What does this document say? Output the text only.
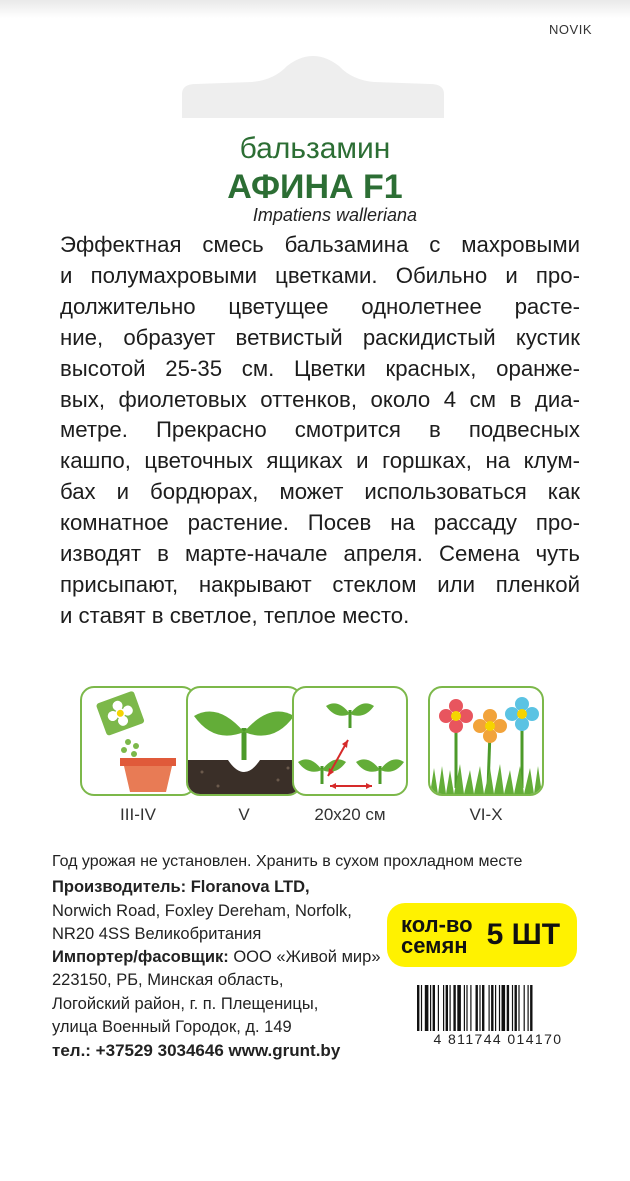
NOVIK
бальзамин
АФИНА F1
Impatiens walleriana
Эффектная смесь бальзамина с махровыми
и полумахровыми цветками. Обильно и про-
должительно цветущее однолетнее расте-
ние, образует ветвистый раскидистый кустик
высотой 25-35 см. Цветки красных, оранже-
вых, фиолетовых оттенков, около 4 см в диа-
метре. Прекрасно смотрится в подвесных
кашпо, цветочных ящиках и горшках, на клум-
бах и бордюрах, может использоваться как
комнатное растение. Посев на рассаду про-
изводят в марте-начале апреля. Семена чуть
присыпают, накрывают стеклом или пленкой
и ставят в светлое, теплое место.
III-IV	V	20x20 см	VI-X
Год урожая не установлен. Хранить в сухом прохладном месте
Производитель: Floranova LTD,
Norwich Road, Foxley Dereham, Norfolk,
NR20 4SS Великобритания
Импортер/фасовщик: ООО «Живой мир»
223150, РБ, Минская область,
Логойский район, г. п. Плещеницы,
улица Военный Городок, д. 149
тел.: +37529 3034646 www.grunt.by
кол-во
семян 5 ШТ
4 811744 014170
